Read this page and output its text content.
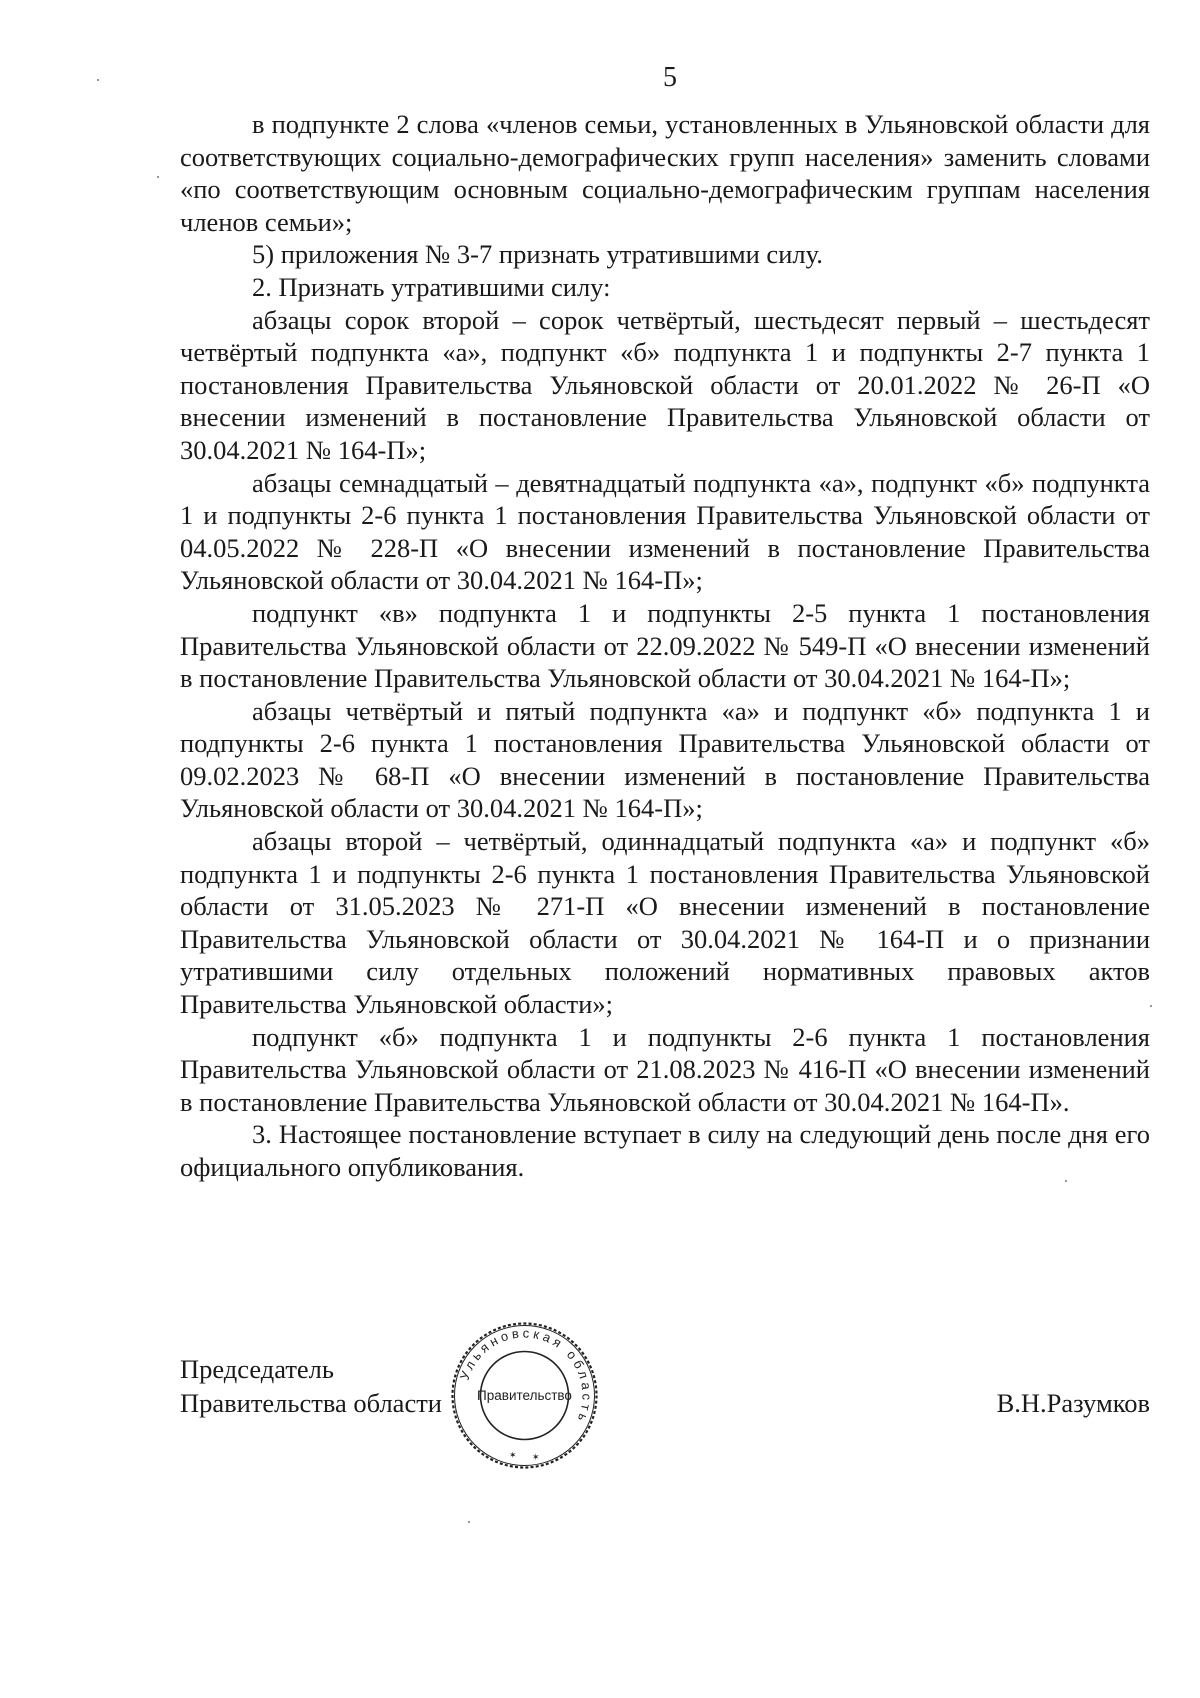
5

в подпункте 2 слова «членов семьи, установленных в Ульяновской области для соответствующих социально-демографических групп населения» заменить словами «по соответствующим основным социально-демографическим группам населения членов семьи»;

5) приложения № 3-7 признать утратившими силу.

2. Признать утратившими силу:

абзацы сорок второй – сорок четвёртый, шестьдесят первый – шестьдесят четвёртый подпункта «а», подпункт «б» подпункта 1 и подпункты 2-7 пункта 1 постановления Правительства Ульяновской области от 20.01.2022 № 26-П «О внесении изменений в постановление Правительства Ульяновской области от 30.04.2021 № 164-П»;

абзацы семнадцатый – девятнадцатый подпункта «а», подпункт «б» подпункта 1 и подпункты 2-6 пункта 1 постановления Правительства Ульяновской области от 04.05.2022 № 228-П «О внесении изменений в постановление Правительства Ульяновской области от 30.04.2021 № 164-П»;

подпункт «в» подпункта 1 и подпункты 2-5 пункта 1 постановления Правительства Ульяновской области от 22.09.2022 № 549-П «О внесении изменений в постановление Правительства Ульяновской области от 30.04.2021 № 164-П»;

абзацы четвёртый и пятый подпункта «а» и подпункт «б» подпункта 1 и подпункты 2-6 пункта 1 постановления Правительства Ульяновской области от 09.02.2023 № 68-П «О внесении изменений в постановление Правительства Ульяновской области от 30.04.2021 № 164-П»;

абзацы второй – четвёртый, одиннадцатый подпункта «а» и подпункт «б» подпункта 1 и подпункты 2-6 пункта 1 постановления Правительства Ульяновской области от 31.05.2023 № 271-П «О внесении изменений в постановление Правительства Ульяновской области от 30.04.2021 № 164-П и о признании утратившими силу отдельных положений нормативных правовых актов Правительства Ульяновской области»;

подпункт «б» подпункта 1 и подпункты 2-6 пункта 1 постановления Правительства Ульяновской области от 21.08.2023 № 416-П «О внесении изменений в постановление Правительства Ульяновской области от 30.04.2021 № 164-П».

3. Настоящее постановление вступает в силу на следующий день после дня его официального опубликования.

Председатель
Правительства области	В.Н.Разумков
Ульяновская область
Правительство
✶ ✶
